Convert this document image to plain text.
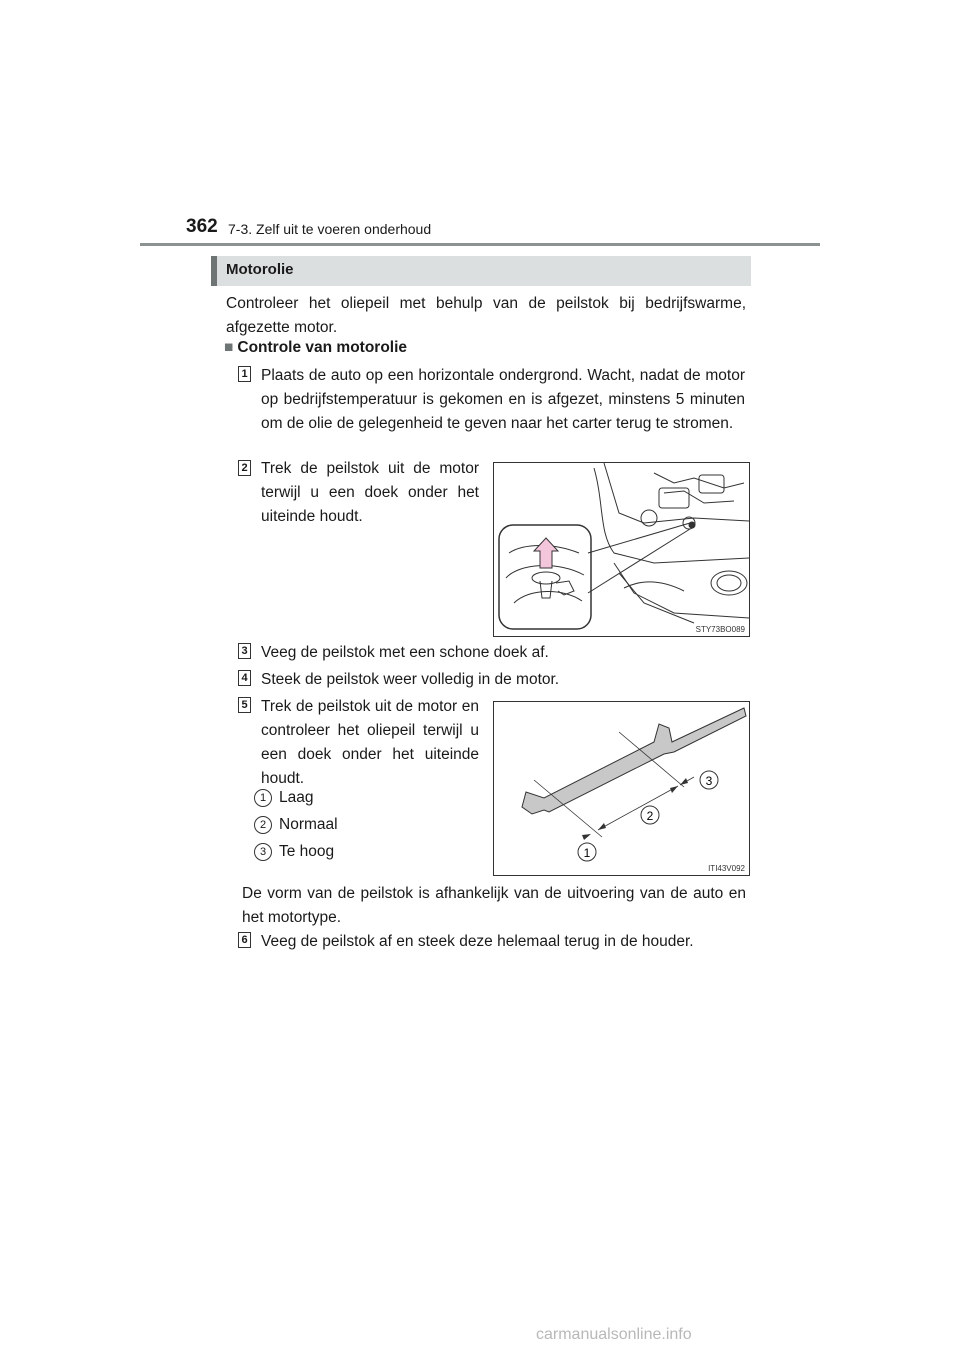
362 7-3. Zelf uit te voeren onderhoud
Motorolie
Controleer het oliepeil met behulp van de peilstok bij bedrijfswarme, afgezette motor.
■ Controle van motorolie
1 Plaats de auto op een horizontale ondergrond. Wacht, nadat de motor op bedrijfstemperatuur is gekomen en is afgezet, minstens 5 minuten om de olie de gelegenheid te geven naar het carter terug te stromen.
2 Trek de peilstok uit de motor terwijl u een doek onder het uiteinde houdt.
STY73BO089
3 Veeg de peilstok met een schone doek af.
4 Steek de peilstok weer volledig in de motor.
5 Trek de peilstok uit de motor en controleer het oliepeil terwijl u een doek onder het uiteinde houdt.
1 Laag
2 Normaal
3 Te hoog	1
2
3
ITI43V092
De vorm van de peilstok is afhankelijk van de uitvoering van de auto en het motortype.
6 Veeg de peilstok af en steek deze helemaal terug in de houder.
carmanualsonline.info
